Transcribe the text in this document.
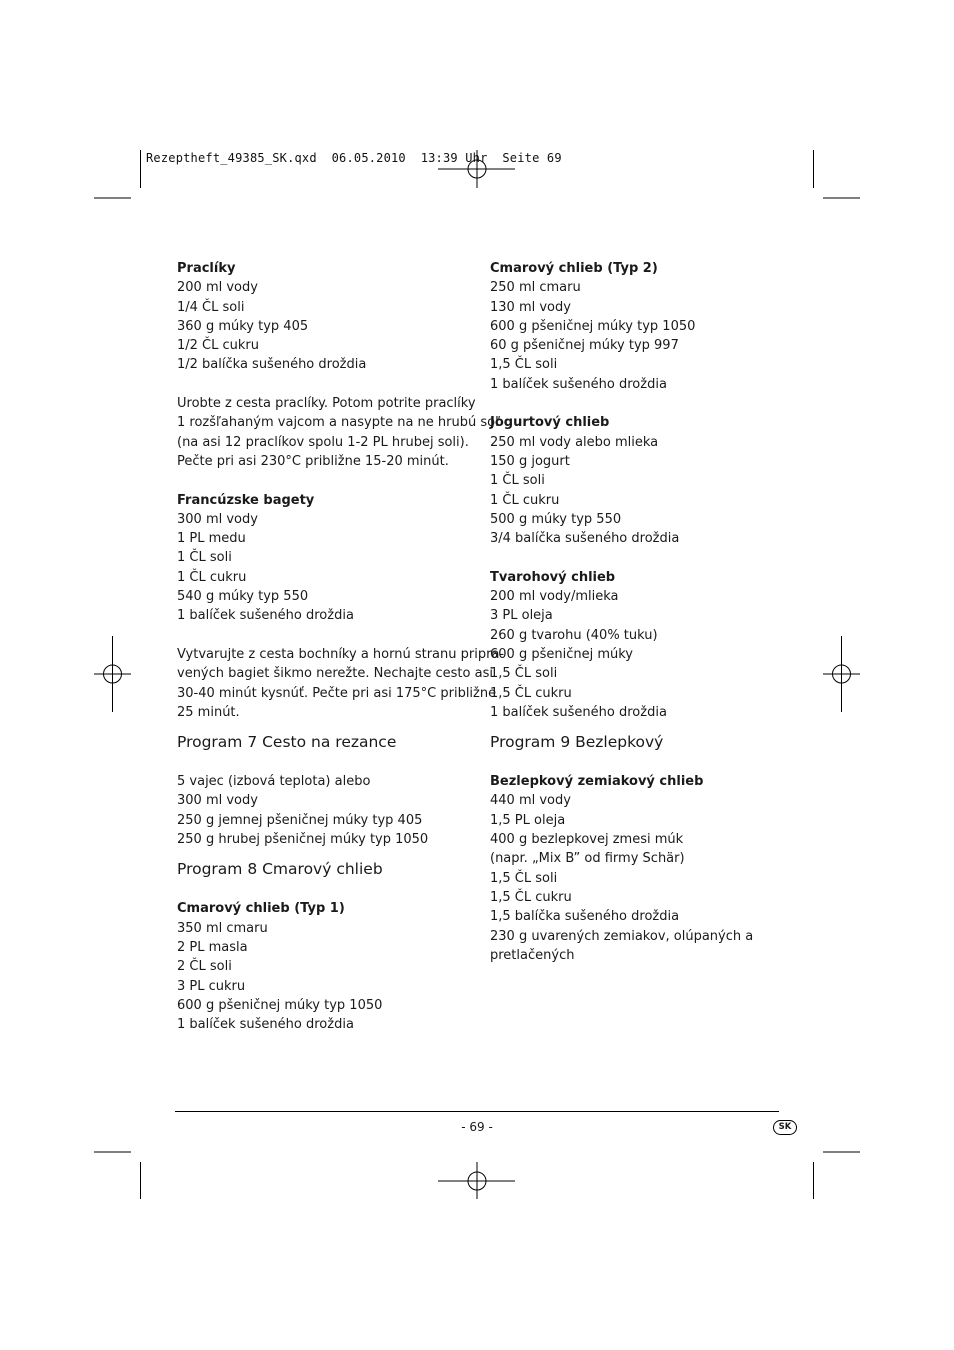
Rezeptheft_49385_SK.qxd  06.05.2010  13:39 Uhr  Seite 69
Praclíky
200 ml vody
1/4 ČL soli
360 g múky typ 405
1/2 ČL cukru
1/2 balíčka sušeného droždia
Urobte z cesta praclíky. Potom potrite praclíky
1 rozšľahaným vajcom a nasypte na ne hrubú soľ
(na asi 12 praclíkov spolu 1-2 PL hrubej soli).
Pečte pri asi 230°C približne 15-20 minút.
Francúzske bagety
300 ml vody
1 PL medu
1 ČL soli
1 ČL cukru
540 g múky typ 550
1 balíček sušeného droždia
Vytvarujte z cesta bochníky a hornú stranu pripra-
vených bagiet šikmo nerežte. Nechajte cesto asi
30-40 minút kysnúť. Pečte pri asi 175°C približne
25 minút.
Program 7 Cesto na rezance
5 vajec (izbová teplota) alebo
300 ml vody
250 g jemnej pšeničnej múky typ 405
250 g hrubej pšeničnej múky typ 1050
Program 8 Cmarový chlieb
Cmarový chlieb (Typ 1)
350 ml cmaru
2 PL masla
2 ČL soli
3 PL cukru
600 g pšeničnej múky typ 1050
1 balíček sušeného droždia
Cmarový chlieb (Typ 2)
250 ml cmaru
130 ml vody
600 g pšeničnej múky typ 1050
60 g pšeničnej múky typ 997
1,5 ČL soli
1 balíček sušeného droždia
Jogurtový chlieb
250 ml vody alebo mlieka
150 g jogurt
1 ČL soli
1 ČL cukru
500 g múky typ 550
3/4 balíčka sušeného droždia
Tvarohový chlieb
200 ml vody/mlieka
3 PL oleja
260 g tvarohu (40% tuku)
600 g pšeničnej múky
1,5 ČL soli
1,5 ČL cukru
1 balíček sušeného droždia
Program 9 Bezlepkový
Bezlepkový zemiakový chlieb
440 ml vody
1,5 PL oleja
400 g bezlepkovej zmesi múk
(napr. „Mix B” od firmy Schär)
1,5 ČL soli
1,5 ČL cukru
1,5 balíčka sušeného droždia
230 g uvarených zemiakov, olúpaných a
pretlačených
- 69 -	SK
